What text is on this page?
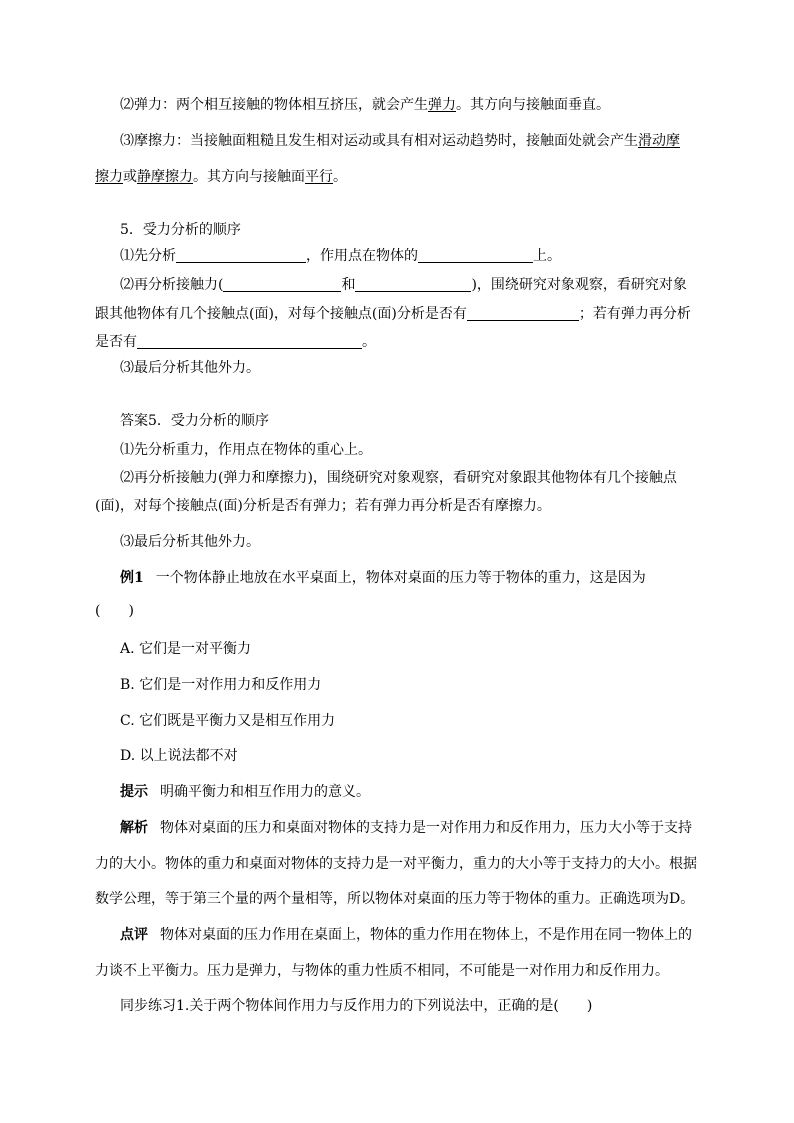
⑵弹力：两个相互接触的物体相互挤压，就会产生弹力。其方向与接触面垂直。
⑶摩擦力：当接触面粗糙且发生相对运动或具有相对运动趋势时，接触面处就会产生滑动摩
擦力或静摩擦力。其方向与接触面平行。
5．受力分析的顺序
⑴先分析	，作用点在物体的	上。
⑵再分析接触力(	和	)，围绕研究对象观察，看研究对象
跟其他物体有几个接触点(面)，对每个接触点(面)分析是否有	；若有弹力再分析
是否有	。
⑶最后分析其他外力。
答案5．受力分析的顺序
⑴先分析重力，作用点在物体的重心上。
⑵再分析接触力(弹力和摩擦力)，围绕研究对象观察，看研究对象跟其他物体有几个接触点
(面)，对每个接触点(面)分析是否有弹力；若有弹力再分析是否有摩擦力。
⑶最后分析其他外力。
例1 一个物体静止地放在水平桌面上，物体对桌面的压力等于物体的重力，这是因为
(　　)
A. 它们是一对平衡力
B. 它们是一对作用力和反作用力
C. 它们既是平衡力又是相互作用力
D. 以上说法都不对
提示 明确平衡力和相互作用力的意义。
解析 物体对桌面的压力和桌面对物体的支持力是一对作用力和反作用力，压力大小等于支持
力的大小。物体的重力和桌面对物体的支持力是一对平衡力，重力的大小等于支持力的大小。根据
数学公理，等于第三个量的两个量相等，所以物体对桌面的压力等于物体的重力。正确选项为D。
点评 物体对桌面的压力作用在桌面上，物体的重力作用在物体上，不是作用在同一物体上的
力谈不上平衡力。压力是弹力，与物体的重力性质不相同，不可能是一对作用力和反作用力。
同步练习1.关于两个物体间作用力与反作用力的下列说法中，正确的是(　　)
